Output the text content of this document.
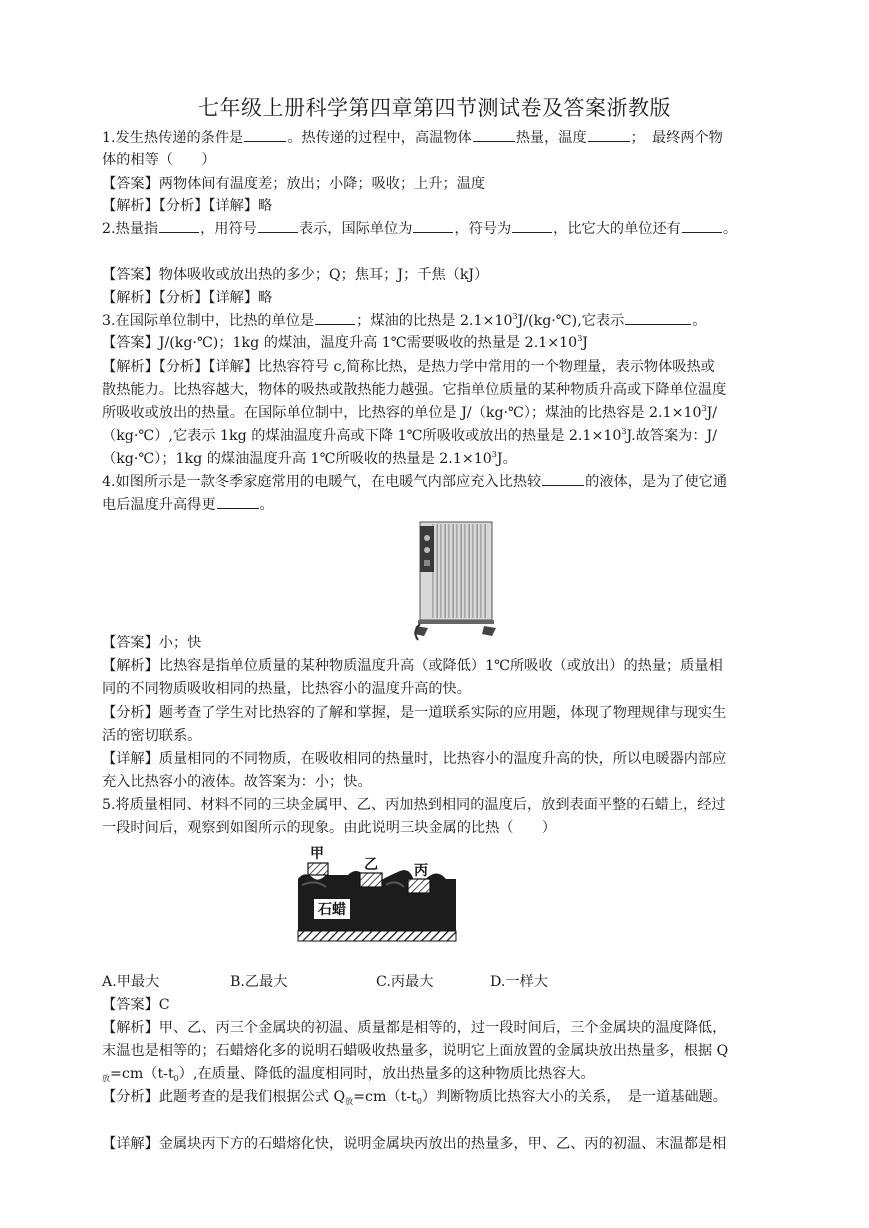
七年级上册科学第四章第四节测试卷及答案浙教版
1.发生热传递的条件是	。热传递的过程中，高温物体	热量，温度	；　最终两个物
体的相等（　　）
【答案】两物体间有温度差；放出；小降；吸收；上升；温度
【解析】【分析】【详解】略
2.热量指	，用符号	表示，国际单位为	，符号为	，比它大的单位还有	。
【答案】物体吸收或放出热的多少；Q；焦耳；J；千焦（kJ）
【解析】【分析】【详解】略
3.在国际单位制中，比热的单位是	；煤油的比热是 $2.1\times 10^3J/(kg\cdot℃)$,它表示	。
【答案】J/(kg·℃)；1kg 的煤油，温度升高 1℃需要吸收的热量是 $2.1\times 10^3J$
【解析】【分析】【详解】比热容符号 c,简称比热，是热力学中常用的一个物理量，表示物体吸热或
散热能力。比热容越大，物体的吸热或散热能力越强。它指单位质量的某种物质升高或下降单位温度
所吸收或放出的热量。在国际单位制中，比热容的单位是 J/（kg·℃）；煤油的比热容是 $2.1\times 10^3J/$
（kg·℃）,它表示 1kg 的煤油温度升高或下降 1℃所吸收或放出的热量是 $2.1\times 10^3J$.故答案为：J/
（kg·℃）；1kg 的煤油温度升高 1℃所吸收的热量是 $2.1\times 10^3J$。
4.如图所示是一款冬季家庭常用的电暖气，在电暖气内部应充入比热较	的液体，是为了使它通
电后温度升高得更	。
【答案】小；快
【解析】比热容是指单位质量的某种物质温度升高（或降低）1℃所吸收（或放出）的热量；质量相
同的不同物质吸收相同的热量，比热容小的温度升高的快。
【分析】题考查了学生对比热容的了解和掌握，是一道联系实际的应用题，体现了物理规律与现实生
活的密切联系。
【详解】质量相同的不同物质，在吸收相同的热量时，比热容小的温度升高的快，所以电暖器内部应
充入比热容小的液体。故答案为：小；快。
5.将质量相同、材料不同的三块金属甲、乙、丙加热到相同的温度后，放到表面平整的石蜡上，经过
一段时间后，观察到如图所示的现象。由此说明三块金属的比热（　　）
石蜡
甲
乙	丙
A.甲最大	B.乙最大	C.丙最大	D.一样大
【答案】C
【解析】甲、乙、丙三个金属块的初温、质量都是相等的，过一段时间后，三个金属块的温度降低，
末温也是相等的；石蜡熔化多的说明石蜡吸收热量多，说明它上面放置的金属块放出热量多，根据 Q
$_放=cm(t-t_0)$,在质量、降低的温度相同时，放出热量多的这种物质比热容大。
【分析】此题考查的是我们根据公式 $Q_放=cm(t-t_0)$判断物质比热容大小的关系，　是一道基础题。
【详解】金属块丙下方的石蜡熔化快，说明金属块丙放出的热量多，甲、乙、丙的初温、末温都是相
